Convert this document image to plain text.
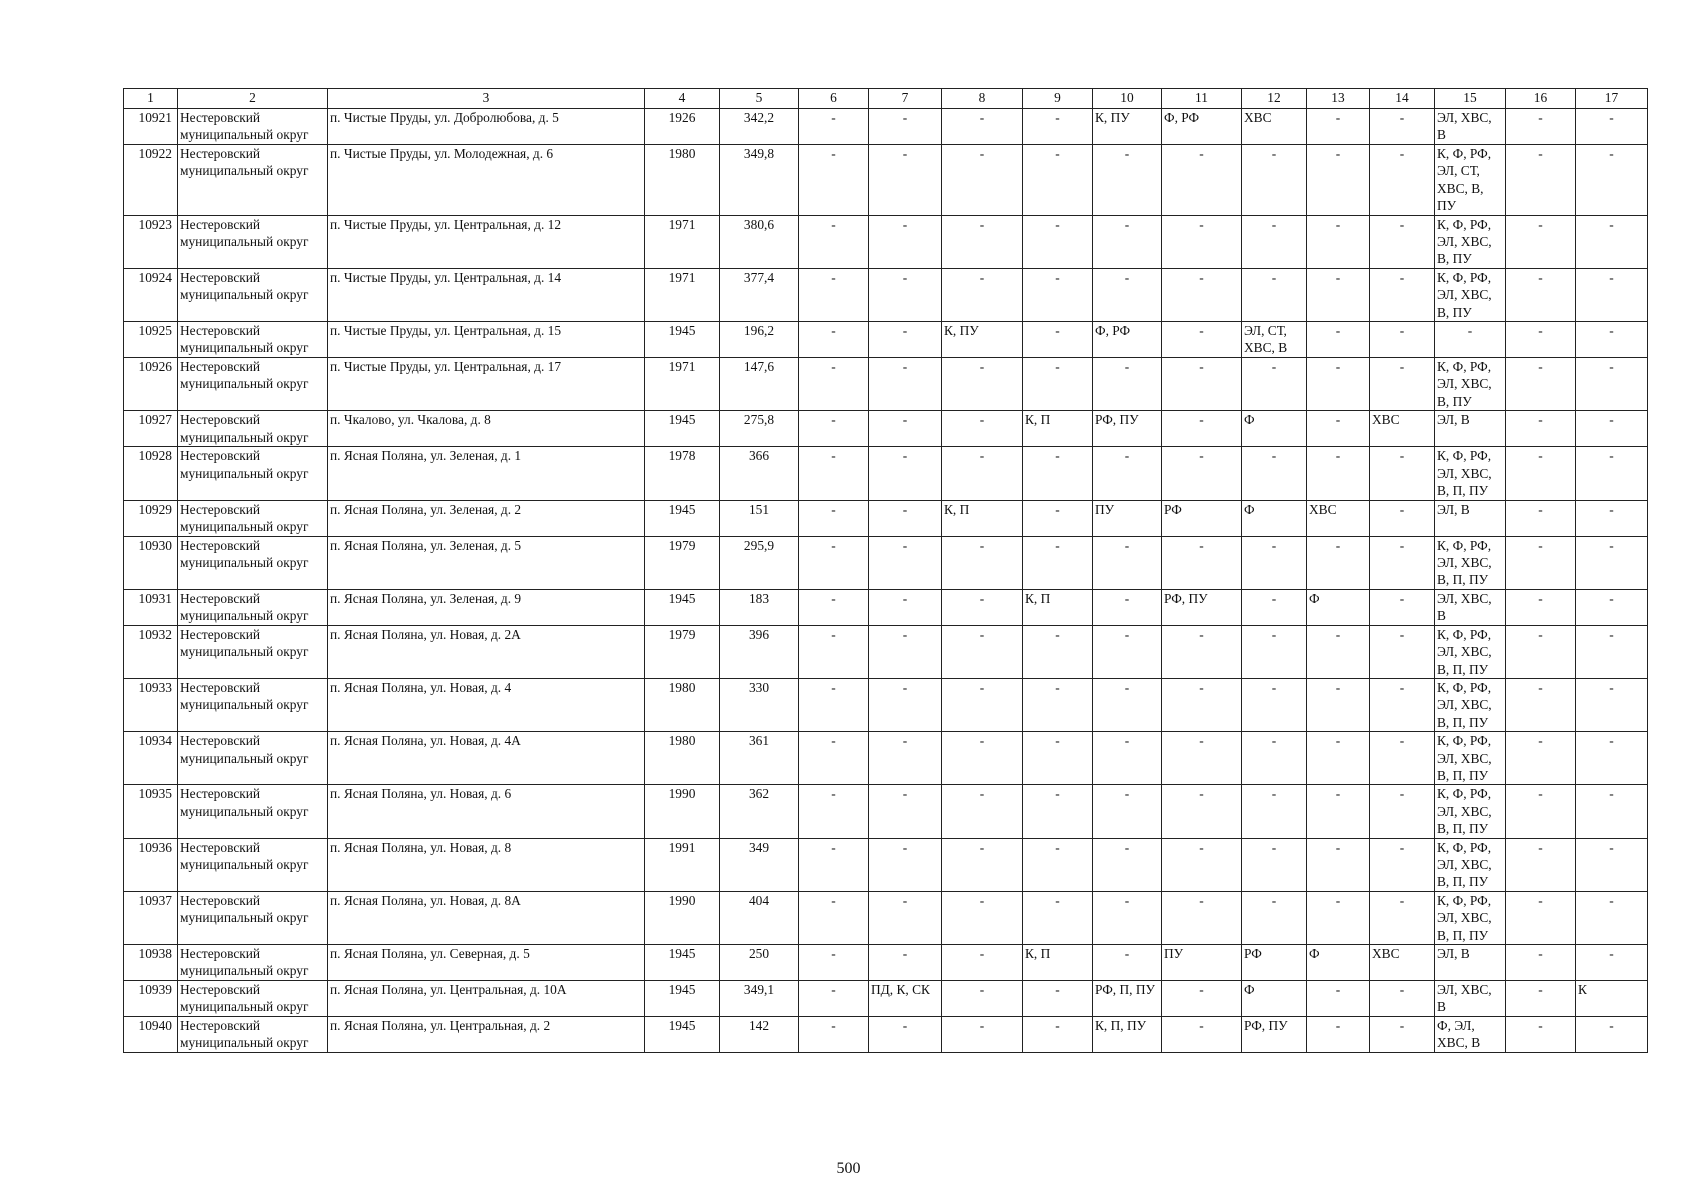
1	2	3	4	5	6	7	8	9	10	11	12	13	14	15	16	17
10921	Нестеровский муниципальный округ	п. Чистые Пруды, ул. Добролюбова, д. 5	1926	342,2	-	-	-	-	К, ПУ	Ф, РФ	ХВС	-	-	ЭЛ, ХВС, В	-	-
10922	Нестеровский муниципальный округ	п. Чистые Пруды, ул. Молодежная, д. 6	1980	349,8	-	-	-	-	-	-	-	-	-	К, Ф, РФ, ЭЛ, СТ, ХВС, В, ПУ	-	-
10923	Нестеровский муниципальный округ	п. Чистые Пруды, ул. Центральная, д. 12	1971	380,6	-	-	-	-	-	-	-	-	-	К, Ф, РФ, ЭЛ, ХВС, В, ПУ	-	-
10924	Нестеровский муниципальный округ	п. Чистые Пруды, ул. Центральная, д. 14	1971	377,4	-	-	-	-	-	-	-	-	-	К, Ф, РФ, ЭЛ, ХВС, В, ПУ	-	-
10925	Нестеровский муниципальный округ	п. Чистые Пруды, ул. Центральная, д. 15	1945	196,2	-	-	К, ПУ	-	Ф, РФ	-	ЭЛ, СТ, ХВС, В	-	-	-	-	-
10926	Нестеровский муниципальный округ	п. Чистые Пруды, ул. Центральная, д. 17	1971	147,6	-	-	-	-	-	-	-	-	-	К, Ф, РФ, ЭЛ, ХВС, В, ПУ	-	-
10927	Нестеровский муниципальный округ	п. Чкалово, ул. Чкалова, д. 8	1945	275,8	-	-	-	К, П	РФ, ПУ	-	Ф	-	ХВС	ЭЛ, В	-	-
10928	Нестеровский муниципальный округ	п. Ясная Поляна, ул. Зеленая, д. 1	1978	366	-	-	-	-	-	-	-	-	-	К, Ф, РФ, ЭЛ, ХВС, В, П, ПУ	-	-
10929	Нестеровский муниципальный округ	п. Ясная Поляна, ул. Зеленая, д. 2	1945	151	-	-	К, П	-	ПУ	РФ	Ф	ХВС	-	ЭЛ, В	-	-
10930	Нестеровский муниципальный округ	п. Ясная Поляна, ул. Зеленая, д. 5	1979	295,9	-	-	-	-	-	-	-	-	-	К, Ф, РФ, ЭЛ, ХВС, В, П, ПУ	-	-
10931	Нестеровский муниципальный округ	п. Ясная Поляна, ул. Зеленая, д. 9	1945	183	-	-	-	К, П	-	РФ, ПУ	-	Ф	-	ЭЛ, ХВС, В	-	-
10932	Нестеровский муниципальный округ	п. Ясная Поляна, ул. Новая, д. 2А	1979	396	-	-	-	-	-	-	-	-	-	К, Ф, РФ, ЭЛ, ХВС, В, П, ПУ	-	-
10933	Нестеровский муниципальный округ	п. Ясная Поляна, ул. Новая, д. 4	1980	330	-	-	-	-	-	-	-	-	-	К, Ф, РФ, ЭЛ, ХВС, В, П, ПУ	-	-
10934	Нестеровский муниципальный округ	п. Ясная Поляна, ул. Новая, д. 4А	1980	361	-	-	-	-	-	-	-	-	-	К, Ф, РФ, ЭЛ, ХВС, В, П, ПУ	-	-
10935	Нестеровский муниципальный округ	п. Ясная Поляна, ул. Новая, д. 6	1990	362	-	-	-	-	-	-	-	-	-	К, Ф, РФ, ЭЛ, ХВС, В, П, ПУ	-	-
10936	Нестеровский муниципальный округ	п. Ясная Поляна, ул. Новая, д. 8	1991	349	-	-	-	-	-	-	-	-	-	К, Ф, РФ, ЭЛ, ХВС, В, П, ПУ	-	-
10937	Нестеровский муниципальный округ	п. Ясная Поляна, ул. Новая, д. 8А	1990	404	-	-	-	-	-	-	-	-	-	К, Ф, РФ, ЭЛ, ХВС, В, П, ПУ	-	-
10938	Нестеровский муниципальный округ	п. Ясная Поляна, ул. Северная, д. 5	1945	250	-	-	-	К, П	-	ПУ	РФ	Ф	ХВС	ЭЛ, В	-	-
10939	Нестеровский муниципальный округ	п. Ясная Поляна, ул. Центральная, д. 10А	1945	349,1	-	ПД, К, СК	-	-	РФ, П, ПУ	-	Ф	-	-	ЭЛ, ХВС, В	-	К
10940	Нестеровский муниципальный округ	п. Ясная Поляна, ул. Центральная, д. 2	1945	142	-	-	-	-	К, П, ПУ	-	РФ, ПУ	-	-	Ф, ЭЛ, ХВС, В	-	-
500
